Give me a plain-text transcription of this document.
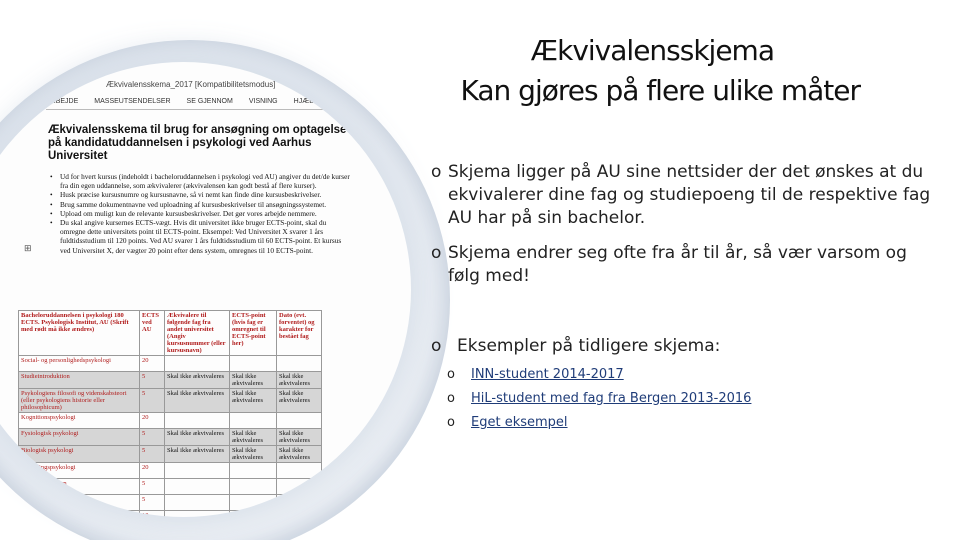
Ækvivalensskema_2017 [Kompatibilitetsmodus]
ARBEJDE MASSEUTSENDELSER SE GJENNOM VISNING HJÆLP
Ækvivalensskema til brug for ansøgning om optagelse på kandidatuddannelsen i psykologi ved Aarhus Universitet
• Ud for hvert kursus (indeholdt i bacheloruddannelsen i psykologi ved AU) angiver du det/de kurser fra din egen uddannelse, som ækvivalerer (ækvivalensen kan godt bestå af flere kurser).
• Husk præcise kursusnumre og kursusnavne, så vi nemt kan finde dine kursusbeskrivelser.
• Brug samme dokumentnavne ved uploadning af kursusbeskrivelser til ansøgningssystemet.
• Upload om muligt kun de relevante kursusbeskrivelser. Det gør vores arbejde nemmere.
• Du skal angive kursernes ECTS-vægt. Hvis dit universitet ikke bruger ECTS-point, skal du omregne dette universitets point til ECTS-point. Eksempel: Ved Universitet X svarer 1 års fuldtidsstudium til 120 points. Ved AU svarer 1 års fuldtidsstudium til 60 ECTS-point. Et kursus ved Universitet X, der vægter 20 point efter dens system, omregnes til 10 ECTS-point.
Bacheloruddannelsen i psykologi 180 ECTS. Psykologisk Institut, AU (Skrift med rødt må ikke ændres)	ECTS ved AU	Ækvivalere til følgende fag fra andet universitet (Angiv kursusnummer (eller kursusnavn)	ECTS-point (hvis fag er omregnet til ECTS-point her)	Dato (evt. forventet) og karakter for bestået fag
Social- og personlighedspsykologi	20			
Studieintroduktion	5	Skal ikke ækvivaleres	Skal ikke ækvivaleres	Skal ikke ækvivaleres
Psykologiens filosofi og videnskabsteori (eller psykologiens historie eller philosophicum)	5	Skal ikke ækvivaleres	Skal ikke ækvivaleres	Skal ikke ækvivaleres
Kognitionspsykologi	20			
Fysiologisk psykologi	5	Skal ikke ækvivaleres	Skal ikke ækvivaleres	Skal ikke ækvivaleres
Biologisk psykologi	5	Skal ikke ækvivaleres	Skal ikke ækvivaleres	Skal ikke ækvivaleres
Udviklingspsykologi	20			
...psykologi, børn	5			
..., voksne	5			
...logi	10			
⊞
Ækvivalensskjema
Kan gjøres på flere ulike måter
o Skjema ligger på AU sine nettsider der det ønskes at du ekvivalerer dine fag og studiepoeng til de respektive fag AU har på sin bachelor.
o Skjema endrer seg ofte fra år til år, så vær varsom og følg med!
o Eksempler på tidligere skjema:
o INN-student 2014-2017
o HiL-student med fag fra Bergen 2013-2016
o Eget eksempel
